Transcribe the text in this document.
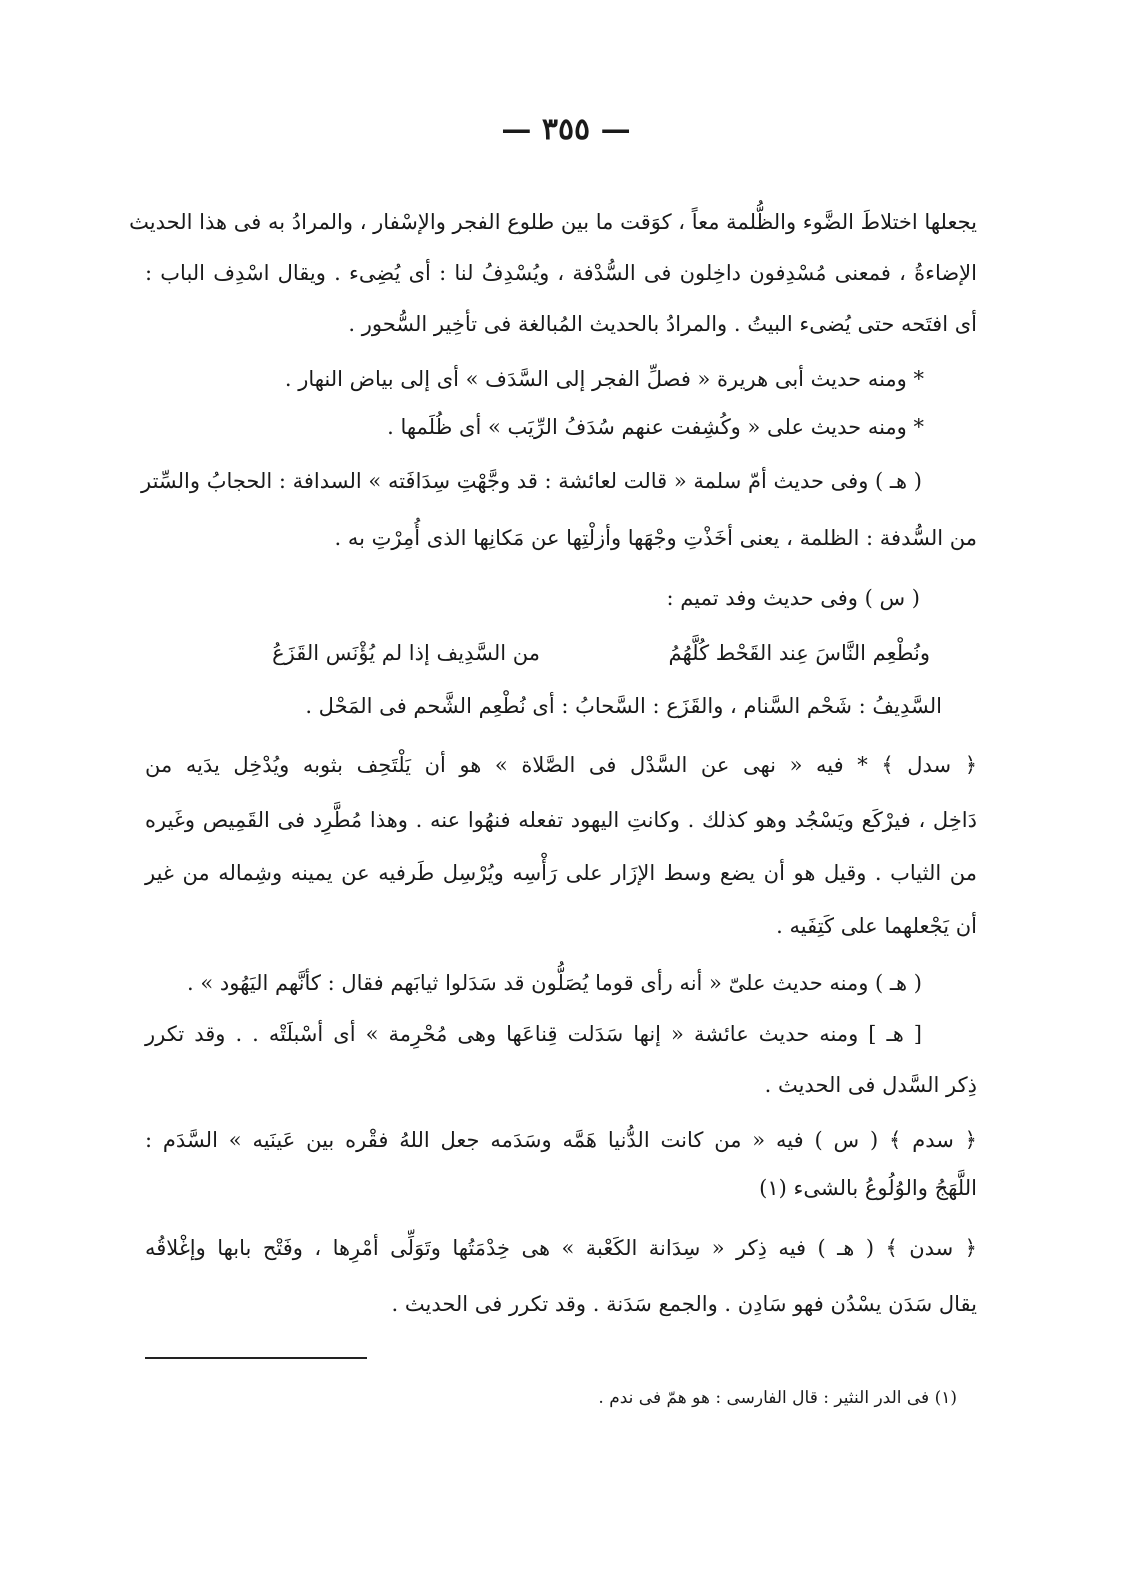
— ٣٥٥ —
يجعلها اختلاطَ الضَّوء والظُّلمة معاً ، كوَقت ما بين طلوع الفجر والإسْفار ، والمرادُ به فى هذا الحديث
الإضاءةُ ، فمعنى مُسْدِفون داخِلون فى السُّدْفة ، ويُسْدِفُ لنا : أى يُضِىء . ويقال اسْدِف الباب :
أى افتَحه حتى يُضىء البيتُ . والمرادُ بالحديث المُبالغة فى تأخِير السُّحور .
* ومنه حديث أبى هريرة « فصلِّ الفجر إلى السَّدَف » أى إلى بياض النهار .
* ومنه حديث على « وكُشِفت عنهم سُدَفُ الرِّيَب » أى ظُلَمها .
( هـ ) وفى حديث أمّ سلمة « قالت لعائشة : قد وجَّهْتِ سِدَافَته » السدافة : الحجابُ والسِّتر
من السُّدفة : الظلمة ، يعنى أخَذْتِ وجْهَها وأزلْتِها عن مَكانِها الذى أُمِرْتِ به .
( س ) وفى حديث وفد تميم :
ونُطْعِم النَّاسَ عِند القَحْط كُلَّهُمُ
من السَّدِيف إذا لم يُؤْنَس القَزَعُ
السَّدِيفُ : شَحْم السَّنام ، والقَزَع : السَّحابُ : أى نُطْعِم الشَّحم فى المَحْل .
﴿ سدل ﴾ * فيه « نهى عن السَّدْل فى الصَّلاة » هو أن يَلْتَحِف بثوبه ويُدْخِل يدَيه من
دَاخِل ، فيرْكَع ويَسْجُد وهو كذلك . وكانتِ اليهود تفعله فنهُوا عنه . وهذا مُطَّرِد فى القَمِيص وغَيره
من الثياب . وقيل هو أن يضع وسط الإزَار على رَأْسِه ويُرْسِل طَرفيه عن يمينه وشِماله من غير
أن يَجْعلهما على كَتِفَيه .
( هـ ) ومنه حديث علىّ « أنه رأى قوما يُصَلُّون قد سَدَلوا ثيابَهم فقال : كأنَّهم اليَهُود » .
[ هـ ] ومنه حديث عائشة « إنها سَدَلت قِناعَها وهى مُحْرِمة » أى أسْبلَتْه . . وقد تكرر
ذِكر السَّدل فى الحديث .
﴿ سدم ﴾ ( س ) فيه « من كانت الدُّنيا هَمَّه وسَدَمه جعل اللهُ فقْره بين عَينَيه » السَّدَم :
اللَّهَجُ والوُلُوعُ بالشىء (١)
﴿ سدن ﴾ ( هـ ) فيه ذِكر « سِدَانة الكَعْبة » هى خِدْمَتُها وتَوَلِّى أمْرِها ، وفَتْح بابها وإغْلاقُه
يقال سَدَن يسْدُن فهو سَادِن . والجمع سَدَنة . وقد تكرر فى الحديث .
(١) فى الدر النثير : قال الفارسى : هو همّ فى ندم .
